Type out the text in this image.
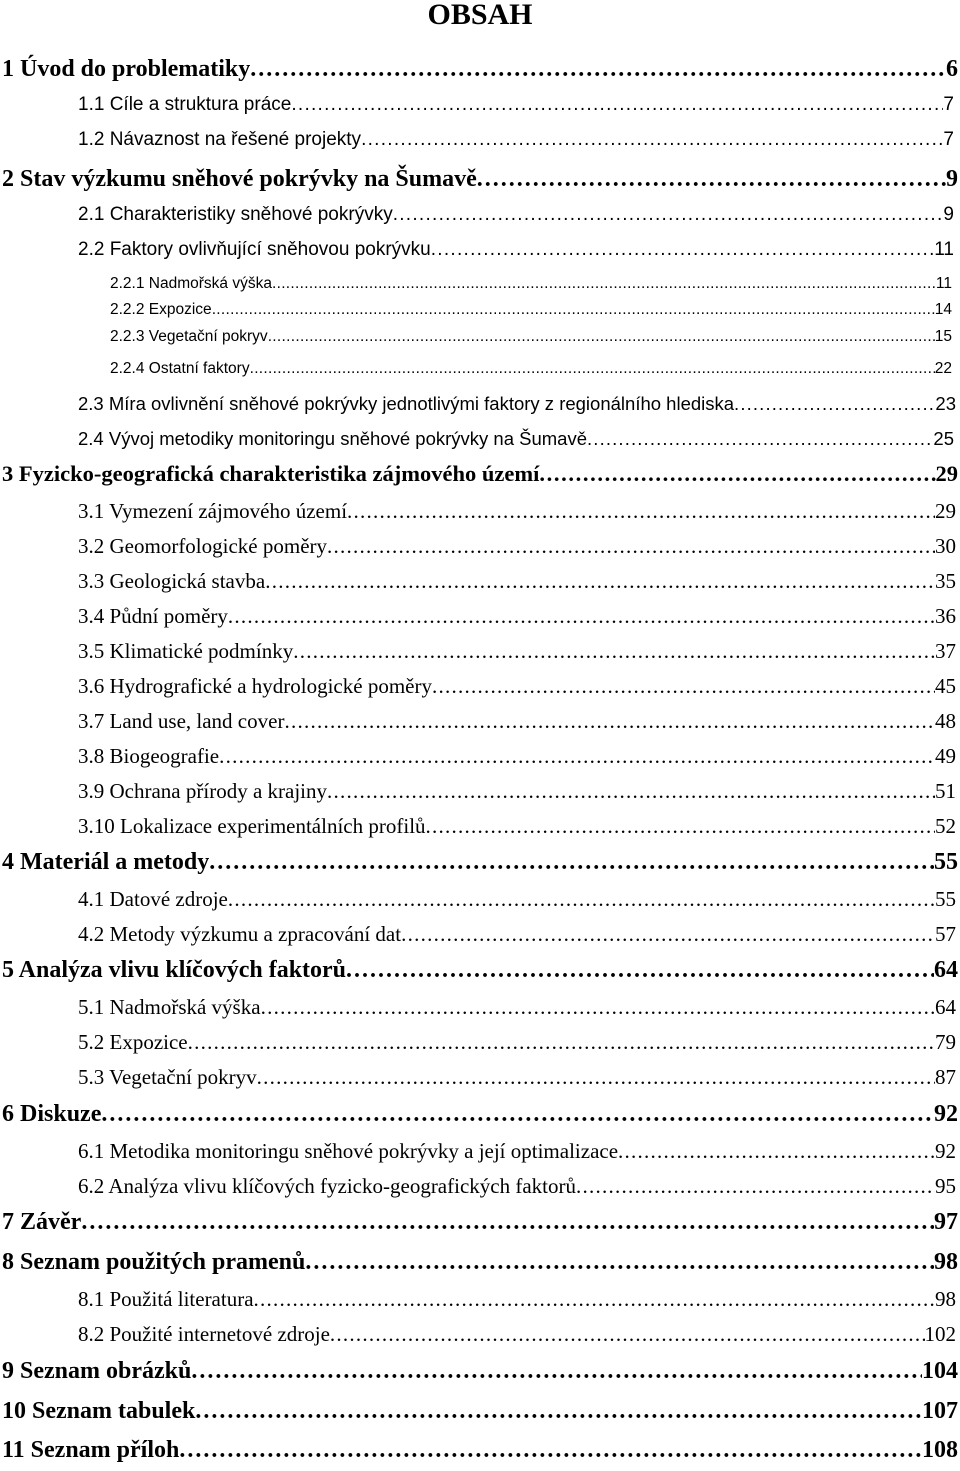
OBSAH
1 Úvod do problematiky . . .	6
1.1 Cíle a struktura práce . . .	7
1.2 Návaznost na řešené projekty . . .	7
2 Stav výzkumu sněhové pokrývky na Šumavě . . .	9
2.1 Charakteristiky sněhové pokrývky . . .	9
2.2 Faktory ovlivňující sněhovou pokrývku . . .	11
2.2.1 Nadmořská výška . . .	11
2.2.2 Expozice . . .	14
2.2.3 Vegetační pokryv . . .	15
2.2.4 Ostatní faktory . . .	22
2.3 Míra ovlivnění sněhové pokrývky jednotlivými faktory z regionálního hlediska . . .	23
2.4 Vývoj metodiky monitoringu sněhové pokrývky na Šumavě . . .	25
3 Fyzicko-geografická charakteristika zájmového území . . .	29
3.1 Vymezení zájmového území . . .	29
3.2 Geomorfologické poměry . . .	30
3.3 Geologická stavba . . .	35
3.4 Půdní poměry . . .	36
3.5 Klimatické podmínky . . .	37
3.6 Hydrografické a hydrologické poměry . . .	45
3.7 Land use, land cover . . .	48
3.8 Biogeografie . . .	49
3.9 Ochrana přírody a krajiny . . .	51
3.10 Lokalizace experimentálních profilů . . .	52
4 Materiál a metody . . .	55
4.1 Datové zdroje . . .	55
4.2 Metody výzkumu a zpracování dat . . .	57
5 Analýza vlivu klíčových faktorů . . .	64
5.1 Nadmořská výška . . .	64
5.2 Expozice . . .	79
5.3 Vegetační pokryv . . .	87
6 Diskuze . . .	92
6.1 Metodika monitoringu sněhové pokrývky a její optimalizace . . .	92
6.2 Analýza vlivu klíčových fyzicko-geografických faktorů . . .	95
7 Závěr . . .	97
8 Seznam použitých pramenů . . .	98
8.1 Použitá literatura . . .	98
8.2 Použité internetové zdroje . . .	102
9 Seznam obrázků . . .	104
10 Seznam tabulek . . .	107
11 Seznam příloh . . .	108
